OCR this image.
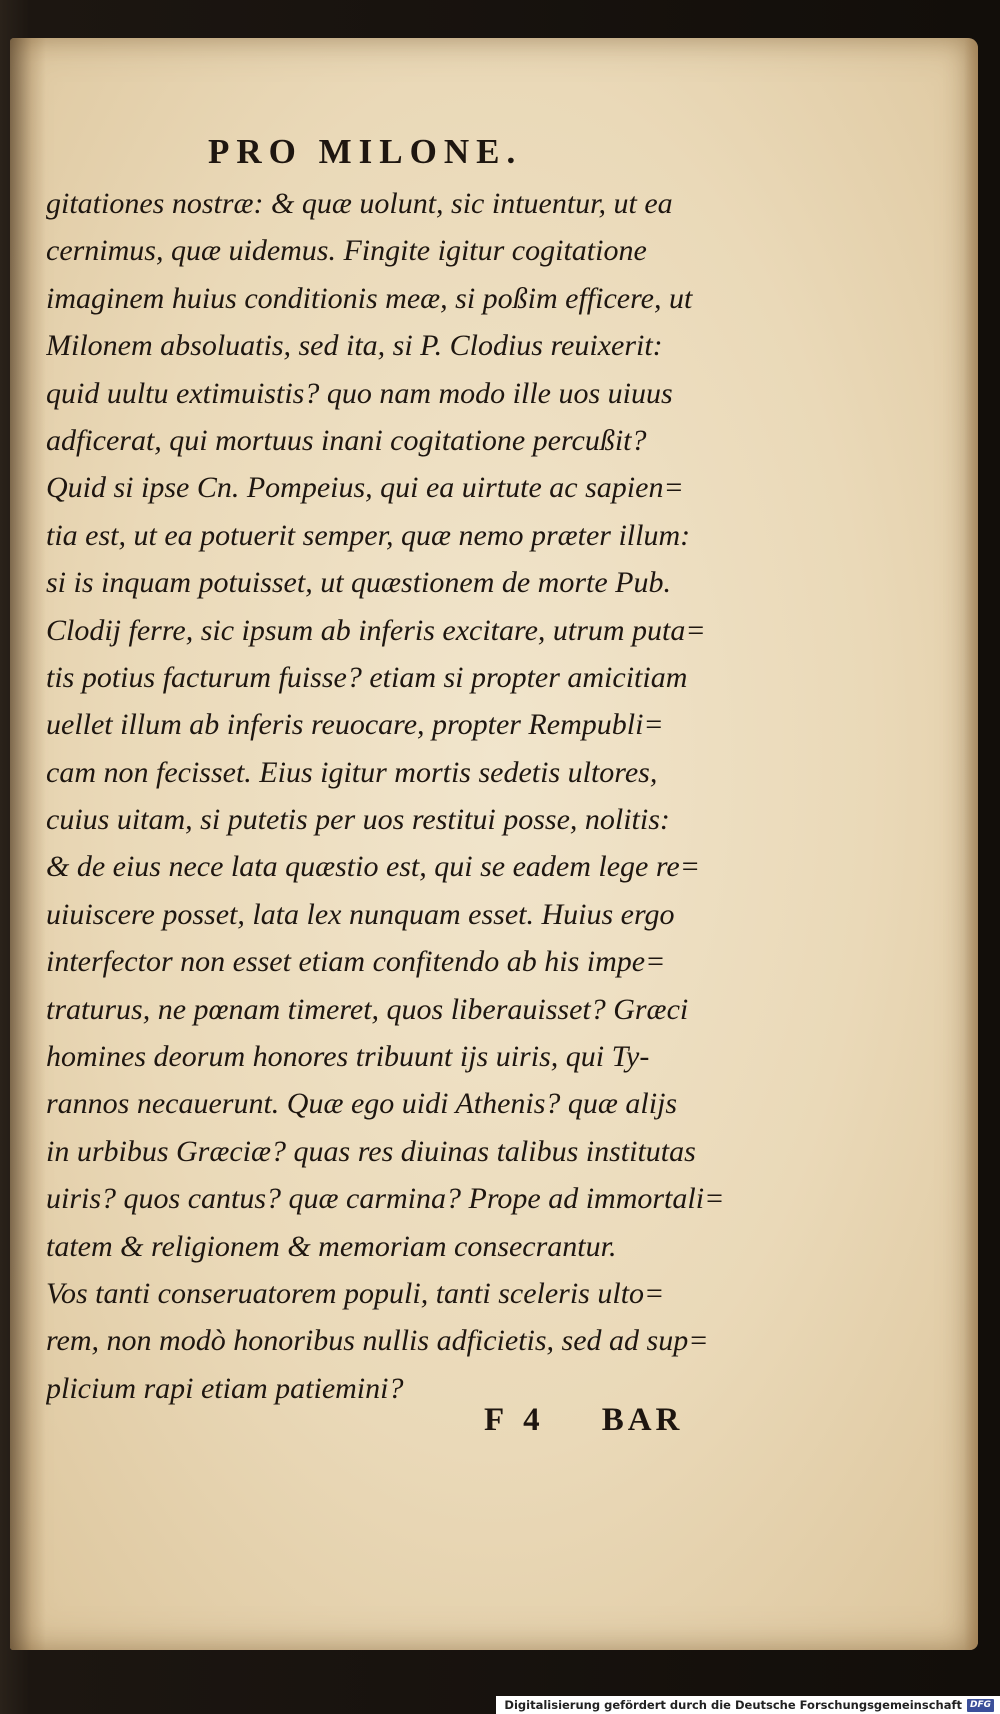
PRO MILONE.
gitationes nostræ: & quæ uolunt, sic intuentur, ut ea
cernimus, quæ uidemus. Fingite igitur cogitatione
imaginem huius conditionis meæ, si poßim efficere, ut
Milonem absoluatis, sed ita, si P. Clodius reuixerit:
quid uultu extimuistis? quo nam modo ille uos uiuus
adficerat, qui mortuus inani cogitatione percußit?
Quid si ipse Cn. Pompeius, qui ea uirtute ac sapien=
tia est, ut ea potuerit semper, quæ nemo præter illum:
si is inquam potuisset, ut quæstionem de morte Pub.
Clodij ferre, sic ipsum ab inferis excitare, utrum puta=
tis potius facturum fuisse? etiam si propter amicitiam
uellet illum ab inferis reuocare, propter Rempubli=
cam non fecisset. Eius igitur mortis sedetis ultores,
cuius uitam, si putetis per uos restitui posse, nolitis:
& de eius nece lata quæstio est, qui se eadem lege re=
uiuiscere posset, lata lex nunquam esset. Huius ergo
interfector non esset etiam confitendo ab his impe=
traturus, ne pœnam timeret, quos liberauisset? Græci
homines deorum honores tribuunt ijs uiris, qui Ty-
rannos necauerunt. Quæ ego uidi Athenis? quæ alijs
in urbibus Græciæ? quas res diuinas talibus institutas
uiris? quos cantus? quæ carmina? Prope ad immortali=
tatem & religionem & memoriam consecrantur.
Vos tanti conseruatorem populi, tanti sceleris ulto=
rem, non modò honoribus nullis adficietis, sed ad sup=
plicium rapi etiam patiemini?
F 4 BAR
Digitalisierung gefördert durch die Deutsche Forschungsgemeinschaft DFG
